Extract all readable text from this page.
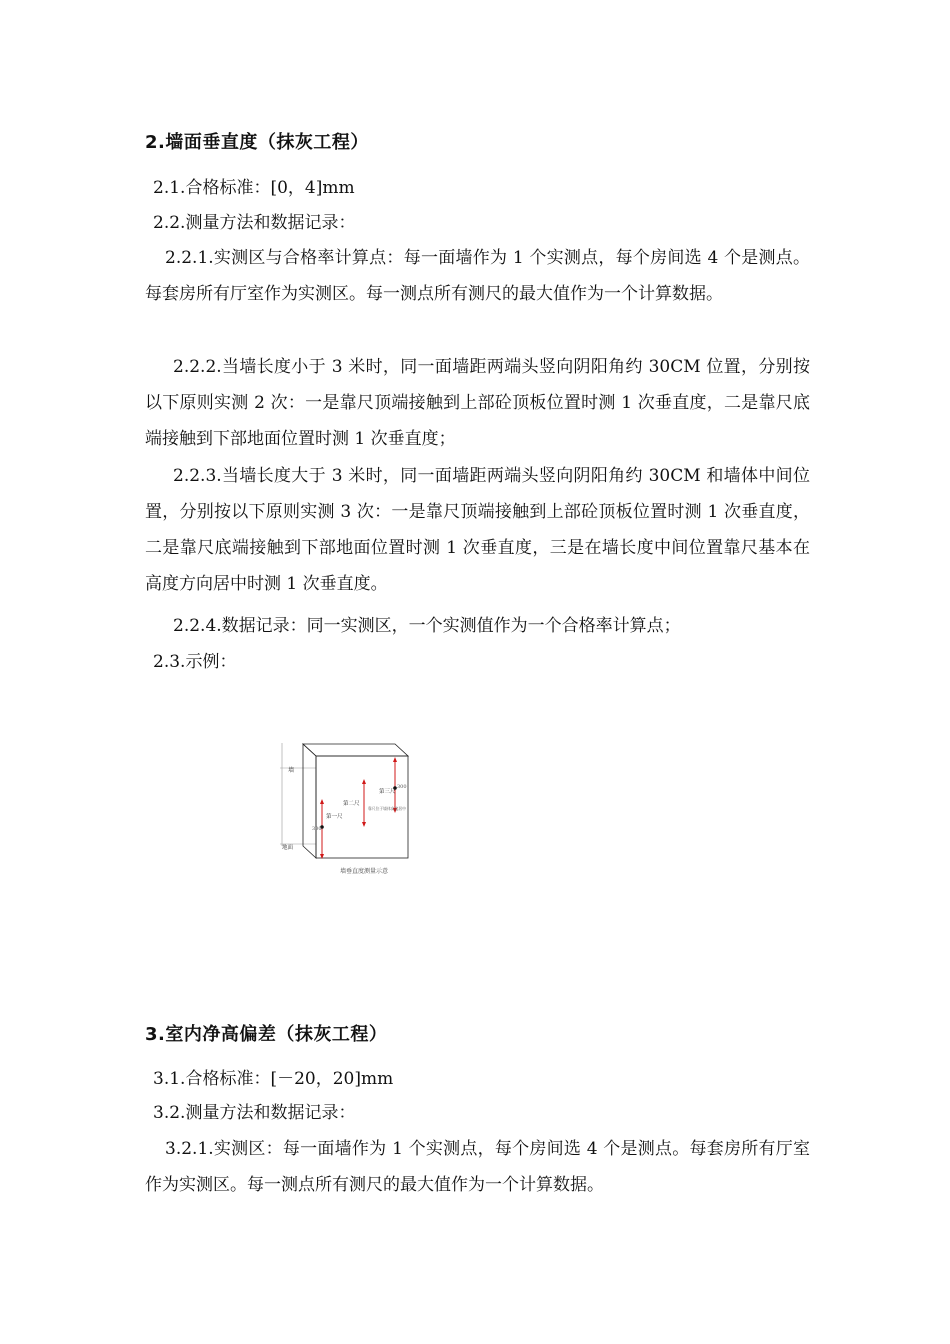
2.墙面垂直度（抹灰工程）
2.1.合格标准：[0，4]mm
2.2.测量方法和数据记录：
2.2.1.实测区与合格率计算点：每一面墙作为 1 个实测点，每个房间选 4 个是测点。每套房所有厅室作为实测区。每一测点所有测尺的最大值作为一个计算数据。
2.2.2.当墙长度小于 3 米时，同一面墙距两端头竖向阴阳角约 30CM 位置，分别按以下原则实测 2 次：一是靠尺顶端接触到上部砼顶板位置时测 1 次垂直度，二是靠尺底端接触到下部地面位置时测 1 次垂直度；
2.2.3.当墙长度大于 3 米时，同一面墙距两端头竖向阴阳角约 30CM 和墙体中间位置，分别按以下原则实测 3 次：一是靠尺顶端接触到上部砼顶板位置时测 1 次垂直度，二是靠尺底端接触到下部地面位置时测 1 次垂直度，三是在墙长度中间位置靠尺基本在高度方向居中时测 1 次垂直度。
2.2.4.数据记录：同一实测区，一个实测值作为一个合格率计算点；
2.3.示例：
墙
地面
第一尺
第二尺
第三尺
靠尺位于墙体高度居中
300
300
墙垂直度测量示意
3.室内净高偏差（抹灰工程）
3.1.合格标准：[－20，20]mm
3.2.测量方法和数据记录：
3.2.1.实测区：每一面墙作为 1 个实测点，每个房间选 4 个是测点。每套房所有厅室作为实测区。每一测点所有测尺的最大值作为一个计算数据。
